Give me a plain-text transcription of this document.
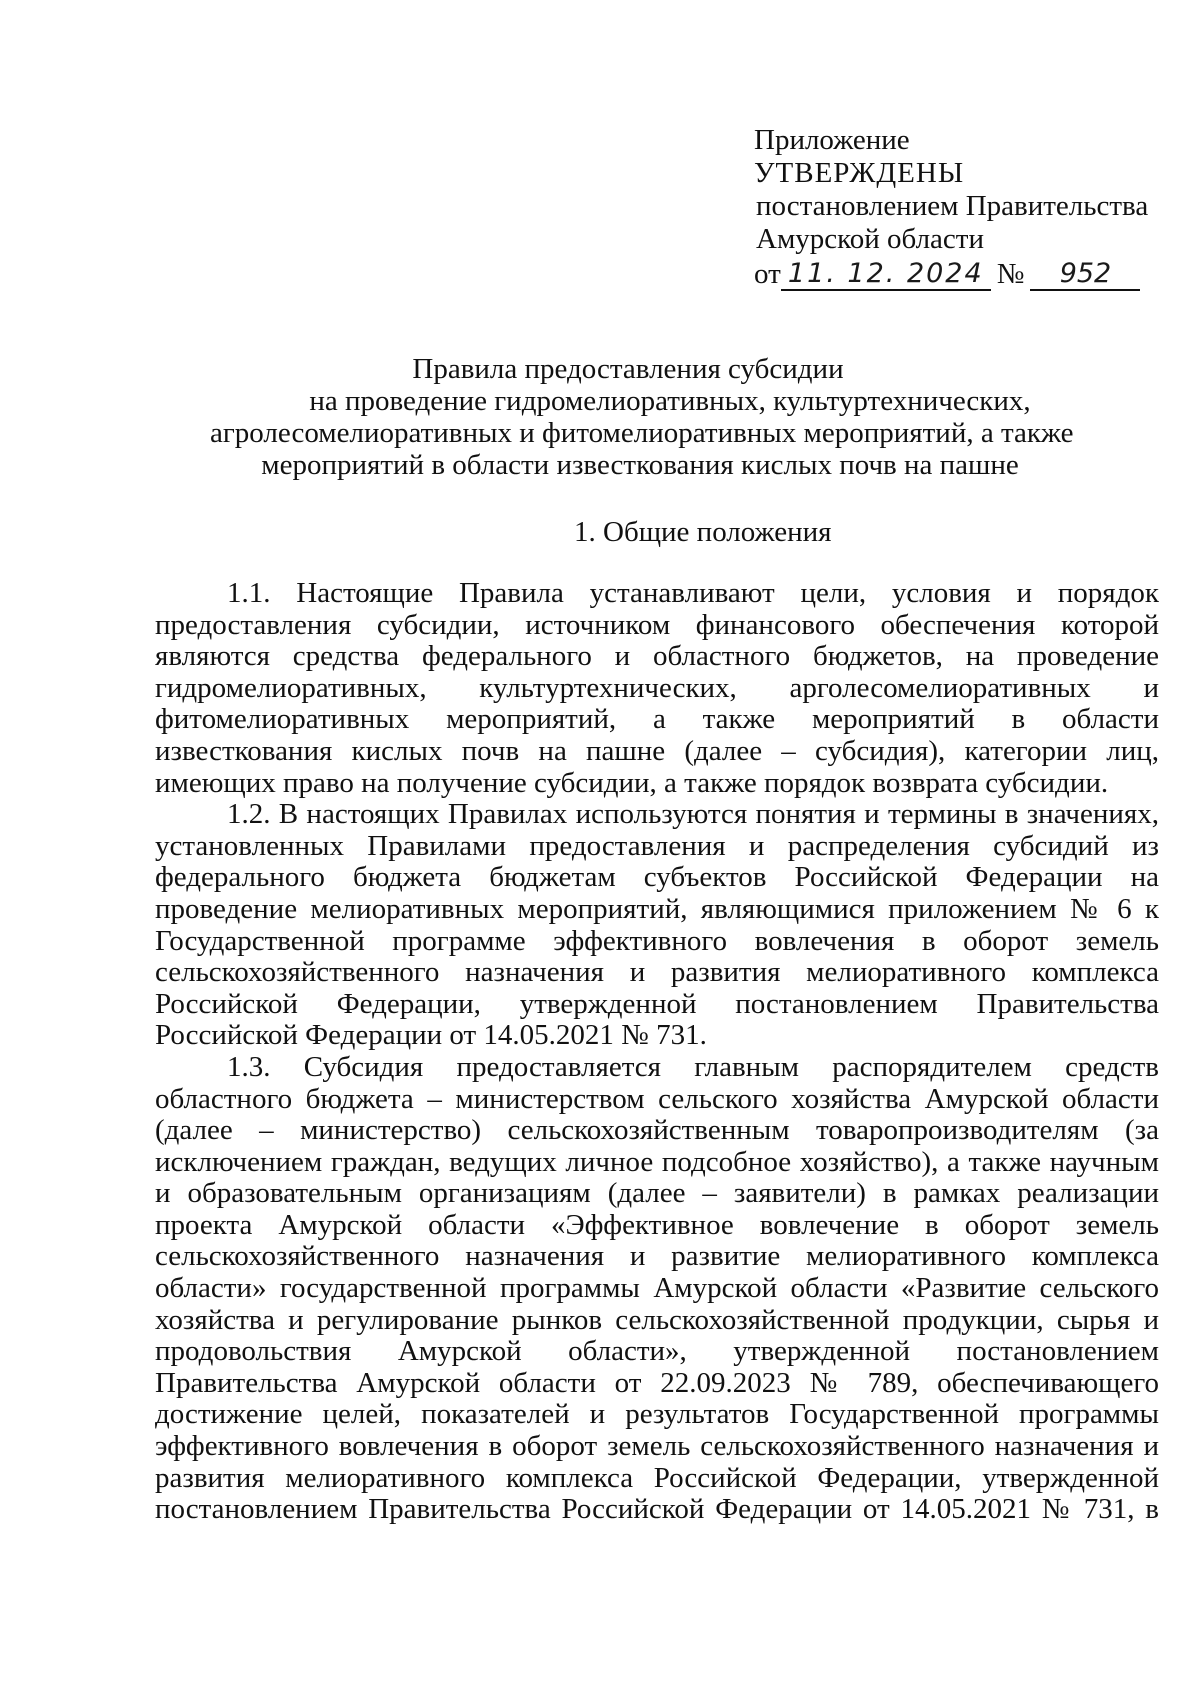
Приложение
УТВЕРЖДЕНЫ
постановлением Правительства
Амурской области
от 11. 12. 2024 №	952
Правила предоставления субсидии
на проведение гидромелиоративных, культуртехнических,
агролесомелиоративных и фитомелиоративных мероприятий, а также
мероприятий в области известкования кислых почв на пашне
1. Общие положения

1.1. Настоящие Правила устанавливают цели, условия и порядок предоставления субсидии, источником финансового обеспечения которой являются средства федерального и областного бюджетов, на проведение гидромелиоративных, культуртехнических, арголесомелиоративных и фитомелиоративных мероприятий, а также мероприятий в области известкования кислых почв на пашне (далее – субсидия), категории лиц, имеющих право на получение субсидии, а также порядок возврата субсидии.

1.2. В настоящих Правилах используются понятия и термины в значениях, установленных Правилами предоставления и распределения субсидий из федерального бюджета бюджетам субъектов Российской Федерации на проведение мелиоративных мероприятий, являющимися приложением № 6 к Государственной программе эффективного вовлечения в оборот земель сельскохозяйственного назначения и развития мелиоративного комплекса Российской Федерации, утвержденной постановлением Правительства Российской Федерации от 14.05.2021 № 731.

1.3. Субсидия предоставляется главным распорядителем средств областного бюджета – министерством сельского хозяйства Амурской области (далее – министерство) сельскохозяйственным товаропроизводителям (за исключением граждан, ведущих личное подсобное хозяйство), а также научным и образовательным организациям (далее – заявители) в рамках реализации проекта Амурской области «Эффективное вовлечение в оборот земель сельскохозяйственного назначения и развитие мелиоративного комплекса области» государственной программы Амурской области «Развитие сельского хозяйства и регулирование рынков сельскохозяйственной продукции, сырья и продовольствия Амурской области», утвержденной постановлением Правительства Амурской области от 22.09.2023 № 789, обеспечивающего достижение целей, показателей и результатов Государственной программы эффективного вовлечения в оборот земель сельскохозяйственного назначения и развития мелиоративного комплекса Российской Федерации, утвержденной постановлением Правительства Российской Федерации от 14.05.2021 № 731, в
